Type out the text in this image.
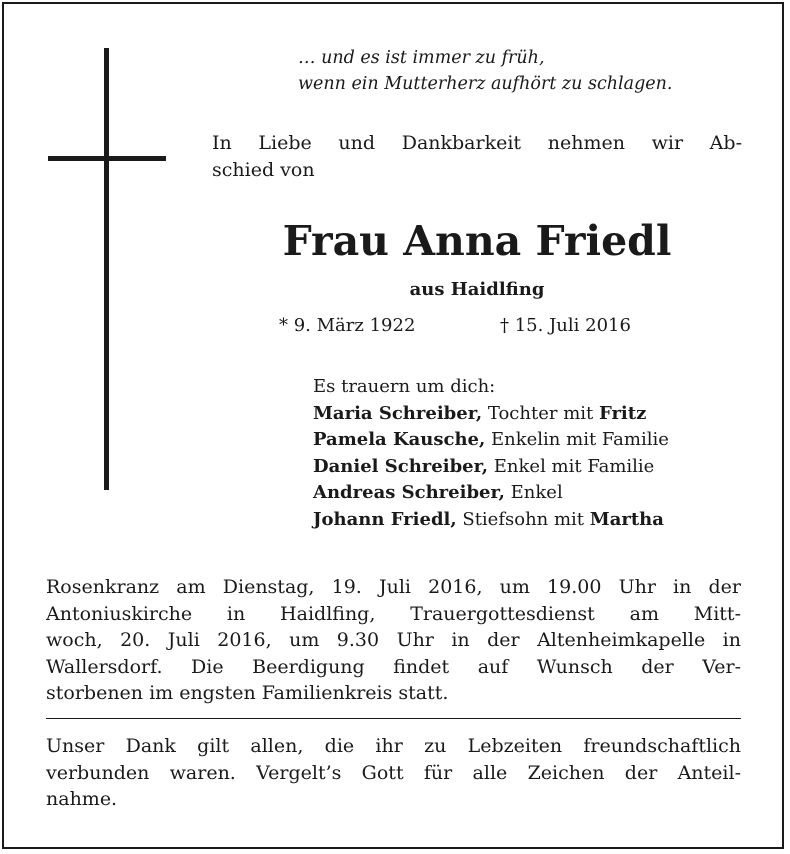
… und es ist immer zu früh,
wenn ein Mutterherz aufhört zu schlagen.
In Liebe und Dankbarkeit nehmen wir Ab-
schied von
Frau Anna Friedl
aus Haidlfing
* 9. März 1922	† 15. Juli 2016
Es trauern um dich:
Maria Schreiber, Tochter mit Fritz
Pamela Kausche, Enkelin mit Familie
Daniel Schreiber, Enkel mit Familie
Andreas Schreiber, Enkel
Johann Friedl, Stiefsohn mit Martha
Rosenkranz am Dienstag, 19. Juli 2016, um 19.00 Uhr in der
Antoniuskirche in Haidlfing, Trauergottesdienst am Mitt-
woch, 20. Juli 2016, um 9.30 Uhr in der Altenheimkapelle in
Wallersdorf. Die Beerdigung findet auf Wunsch der Ver-
storbenen im engsten Familienkreis statt.
Unser Dank gilt allen, die ihr zu Lebzeiten freundschaftlich
verbunden waren. Vergelt’s Gott für alle Zeichen der Anteil-
nahme.
